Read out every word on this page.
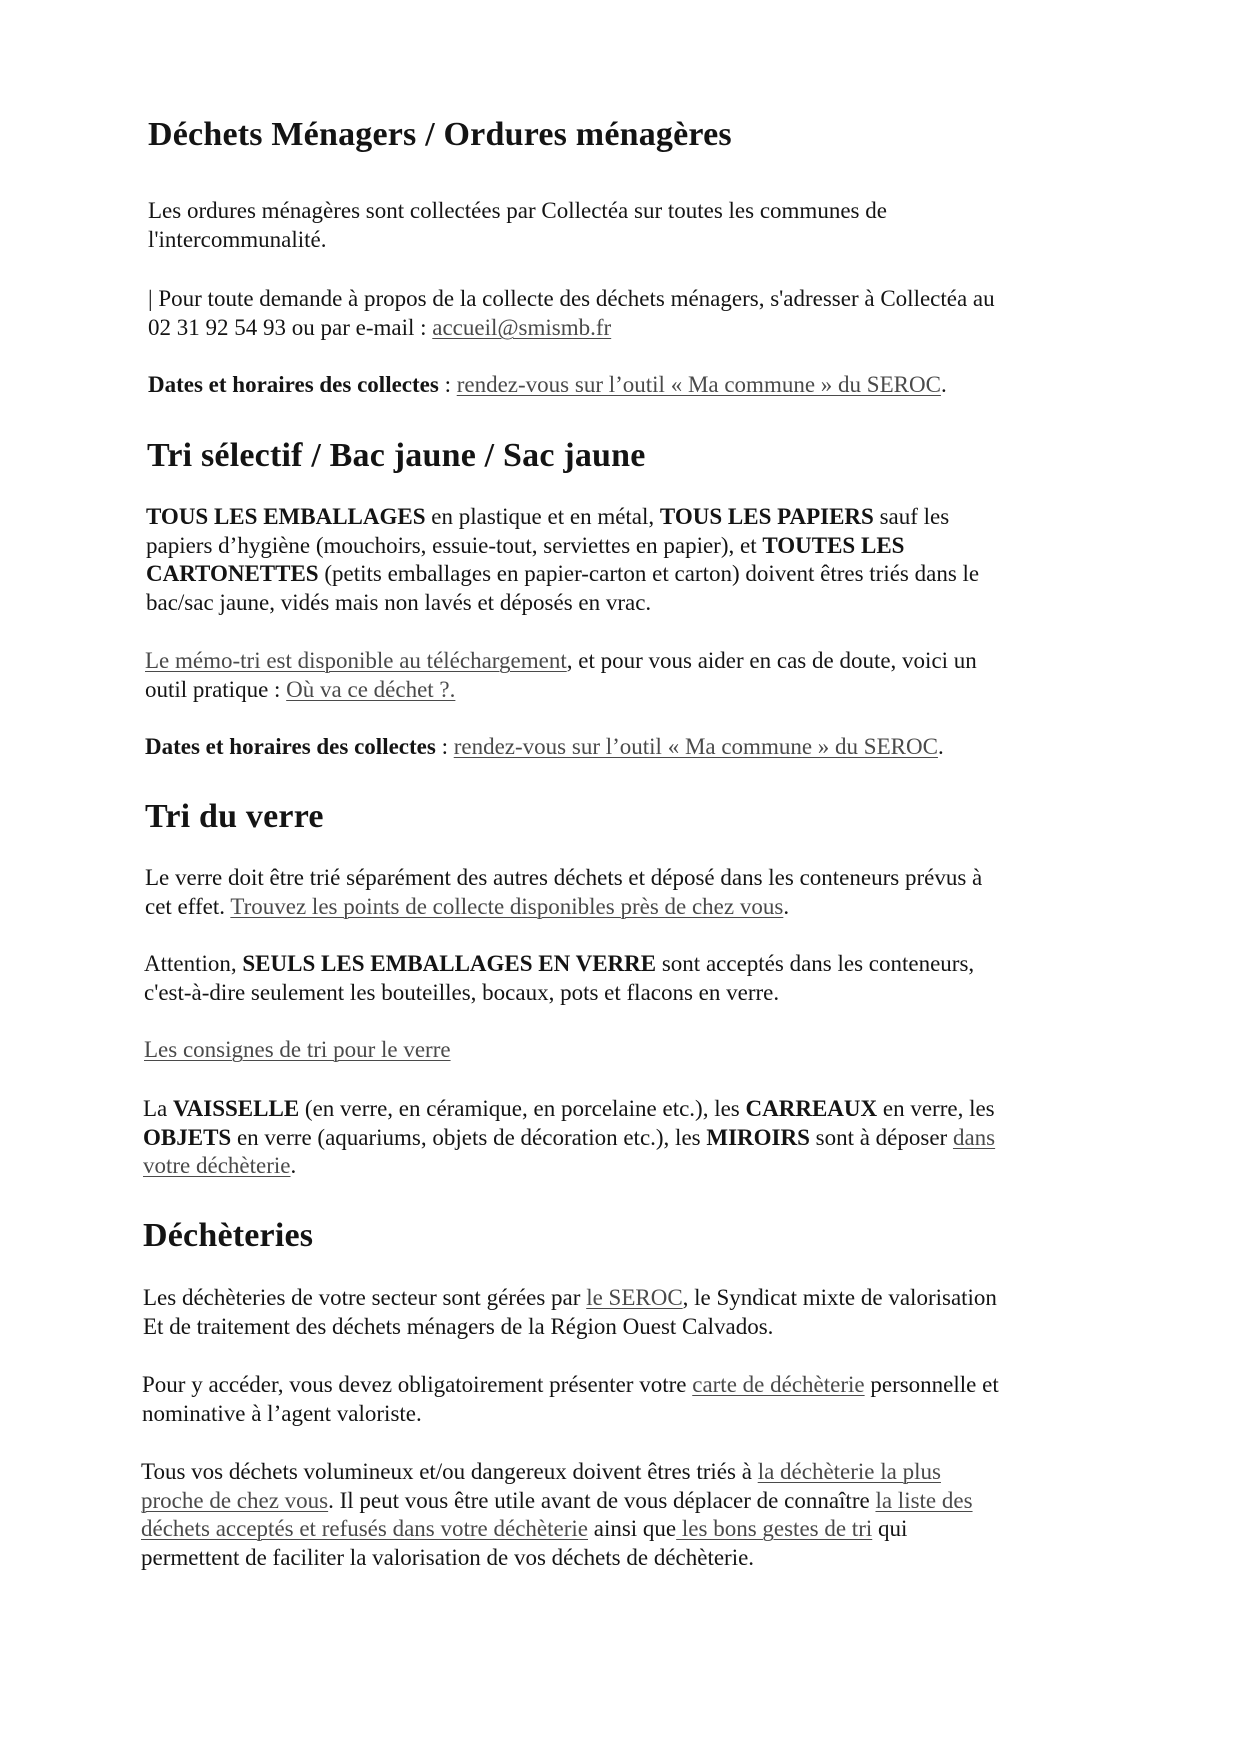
Déchets Ménagers / Ordures ménagères
Les ordures ménagères sont collectées par Collectéa sur toutes les communes de
l'intercommunalité.
| Pour toute demande à propos de la collecte des déchets ménagers, s'adresser à Collectéa au
02 31 92 54 93 ou par e-mail : accueil@smismb.fr
Dates et horaires des collectes : rendez-vous sur l’outil « Ma commune » du SEROC.
Tri sélectif / Bac jaune / Sac jaune
TOUS LES EMBALLAGES en plastique et en métal, TOUS LES PAPIERS sauf les
papiers d’hygiène (mouchoirs, essuie-tout, serviettes en papier), et TOUTES LES
CARTONETTES (petits emballages en papier-carton et carton) doivent êtres triés dans le
bac/sac jaune, vidés mais non lavés et déposés en vrac.
Le mémo-tri est disponible au téléchargement, et pour vous aider en cas de doute, voici un
outil pratique : Où va ce déchet ?.
Dates et horaires des collectes : rendez-vous sur l’outil « Ma commune » du SEROC.
Tri du verre
Le verre doit être trié séparément des autres déchets et déposé dans les conteneurs prévus à
cet effet. Trouvez les points de collecte disponibles près de chez vous.
Attention, SEULS LES EMBALLAGES EN VERRE sont acceptés dans les conteneurs,
c'est-à-dire seulement les bouteilles, bocaux, pots et flacons en verre.
Les consignes de tri pour le verre
La VAISSELLE (en verre, en céramique, en porcelaine etc.), les CARREAUX en verre, les
OBJETS en verre (aquariums, objets de décoration etc.), les MIROIRS sont à déposer dans
votre déchèterie.
Déchèteries
Les déchèteries de votre secteur sont gérées par le SEROC, le Syndicat mixte de valorisation
Et de traitement des déchets ménagers de la Région Ouest Calvados.
Pour y accéder, vous devez obligatoirement présenter votre carte de déchèterie personnelle et
nominative à l’agent valoriste.
Tous vos déchets volumineux et/ou dangereux doivent êtres triés à la déchèterie la plus
proche de chez vous. Il peut vous être utile avant de vous déplacer de connaître la liste des
déchets acceptés et refusés dans votre déchèterie ainsi que les bons gestes de tri qui
permettent de faciliter la valorisation de vos déchets de déchèterie.
